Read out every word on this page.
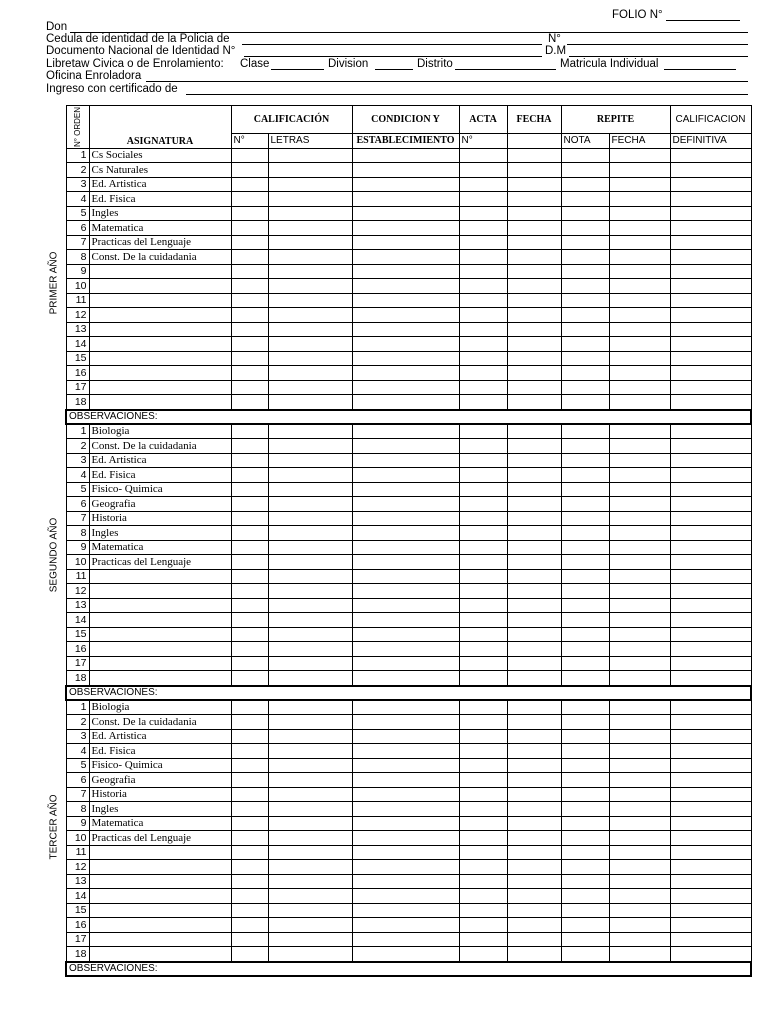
FOLIO N°
Don
Cedula de identidad de la Policia de	N°
Documento Nacional de Identidad N°	D.M
Libretaw Civica o de Enrolamiento: Clase	Division	Distrito	Matricula Individual
Oficina Enroladora
Ingreso con certificado de
PRIMER AÑO
SEGUNDO AÑO
TERCER AÑO
N° ORDEN	ASIGNATURA	CALIFICACIÓN		CONDICION Y	ACTA	FECHA	REPITE		CALIFICACION
		N°	LETRAS	ESTABLECIMIENTO	N°		NOTA	FECHA	DEFINITIVA
1	Cs Sociales								
2	Cs Naturales								
3	Ed. Artistica								
4	Ed. Fisica								
5	Ingles								
6	Matematica								
7	Practicas del Lenguaje								
8	Const. De la cuidadania								
9									
10									
11									
12									
13									
14									
15									
16									
17									
18									
OBSERVACIONES:									
1	Biologia								
2	Const. De la cuidadania								
3	Ed. Artistica								
4	Ed. Fisica								
5	Fisico- Quimica								
6	Geografia								
7	Historia								
8	Ingles								
9	Matematica								
10	Practicas del Lenguaje								
11									
12									
13									
14									
15									
16									
17									
18									
OBSERVACIONES:									
1	Biologia								
2	Const. De la cuidadania								
3	Ed. Artistica								
4	Ed. Fisica								
5	Fisico- Quimica								
6	Geografia								
7	Historia								
8	Ingles								
9	Matematica								
10	Practicas del Lenguaje								
11									
12									
13									
14									
15									
16									
17									
18									
OBSERVACIONES:									
